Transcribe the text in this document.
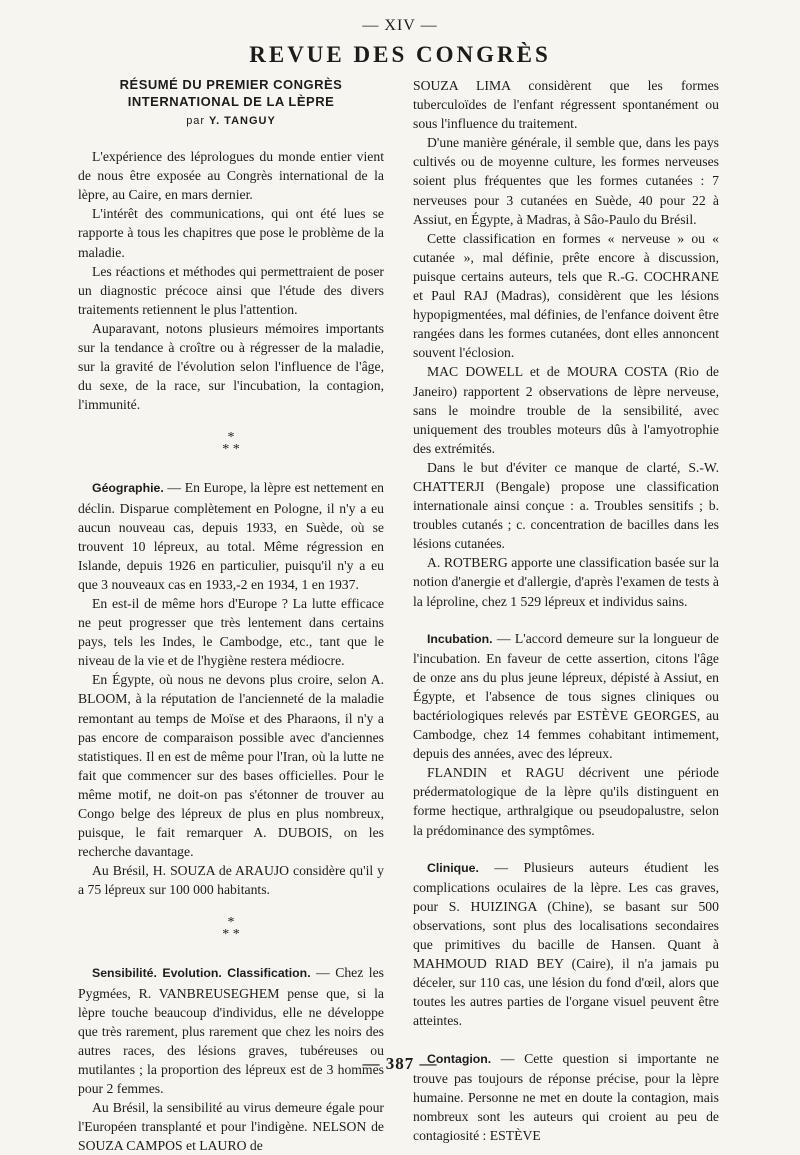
— XIV —
REVUE DES CONGRÈS
RÉSUMÉ DU PREMIER CONGRÈS
INTERNATIONAL DE LA LÈPRE
par Y. TANGUY

L'expérience des léprologues du monde entier vient de nous être exposée au Congrès international de la lèpre, au Caire, en mars dernier.

L'intérêt des communications, qui ont été lues se rapporte à tous les chapitres que pose le problème de la maladie.

Les réactions et méthodes qui permettraient de poser un diagnostic précoce ainsi que l'étude des divers traitements retiennent le plus l'attention.

Auparavant, notons plusieurs mémoires importants sur la tendance à croître ou à régresser de la maladie, sur la gravité de l'évolution selon l'influence de l'âge, du sexe, de la race, sur l'incubation, la contagion, l'immunité.

*
* *

Géographie. — En Europe, la lèpre est nettement en déclin. Disparue complètement en Pologne, il n'y a eu aucun nouveau cas, depuis 1933, en Suède, où se trouvent 10 lépreux, au total. Même régression en Islande, depuis 1926 en particulier, puisqu'il n'y a eu que 3 nouveaux cas en 1933,-2 en 1934, 1 en 1937.

En est-il de même hors d'Europe ? La lutte efficace ne peut progresser que très lentement dans certains pays, tels les Indes, le Cambodge, etc., tant que le niveau de la vie et de l'hygiène restera médiocre.

En Égypte, où nous ne devons plus croire, selon A. BLOOM, à la réputation de l'ancienneté de la maladie remontant au temps de Moïse et des Pharaons, il n'y a pas encore de comparaison possible avec d'anciennes statistiques. Il en est de même pour l'Iran, où la lutte ne fait que commencer sur des bases officielles. Pour le même motif, ne doit-on pas s'étonner de trouver au Congo belge des lépreux de plus en plus nombreux, puisque, le fait remarquer A. DUBOIS, on les recherche davantage.

Au Brésil, H. SOUZA de ARAUJO considère qu'il y a 75 lépreux sur 100 000 habitants.

*
* *

Sensibilité. Evolution. Classification. — Chez les Pygmées, R. VANBREUSEGHEM pense que, si la lèpre touche beaucoup d'individus, elle ne développe que très rarement, plus rarement que chez les noirs des autres races, des lésions graves, tubéreuses ou mutilantes ; la proportion des lépreux est de 3 hommes pour 2 femmes.

Au Brésil, la sensibilité au virus demeure égale pour l'Européen transplanté et pour l'indigène. NELSON de SOUZA CAMPOS et LAURO de

SOUZA LIMA considèrent que les formes tuberculoïdes de l'enfant régressent spontanément ou sous l'influence du traitement.

D'une manière générale, il semble que, dans les pays cultivés ou de moyenne culture, les formes nerveuses soient plus fréquentes que les formes cutanées : 7 nerveuses pour 3 cutanées en Suède, 40 pour 22 à Assiut, en Égypte, à Madras, à Sâo-Paulo du Brésil.

Cette classification en formes « nerveuse » ou « cutanée », mal définie, prête encore à discussion, puisque certains auteurs, tels que R.-G. COCHRANE et Paul RAJ (Madras), considèrent que les lésions hypopigmentées, mal définies, de l'enfance doivent être rangées dans les formes cutanées, dont elles annoncent souvent l'éclosion.

MAC DOWELL et de MOURA COSTA (Rio de Janeiro) rapportent 2 observations de lèpre nerveuse, sans le moindre trouble de la sensibilité, avec uniquement des troubles moteurs dûs à l'amyotrophie des extrémités.

Dans le but d'éviter ce manque de clarté, S.-W. CHATTERJI (Bengale) propose une classification internationale ainsi conçue : a. Troubles sensitifs ; b. troubles cutanés ; c. concentration de bacilles dans les lésions cutanées.

A. ROTBERG apporte une classification basée sur la notion d'anergie et d'allergie, d'après l'examen de tests à la léproline, chez 1 529 lépreux et individus sains.

Incubation. — L'accord demeure sur la longueur de l'incubation. En faveur de cette assertion, citons l'âge de onze ans du plus jeune lépreux, dépisté à Assiut, en Égypte, et l'absence de tous signes cliniques ou bactériologiques relevés par ESTÈVE GEORGES, au Cambodge, chez 14 femmes cohabitant intimement, depuis des années, avec des lépreux.

FLANDIN et RAGU décrivent une période prédermatologique de la lèpre qu'ils distinguent en forme hectique, arthralgique ou pseudopalustre, selon la prédominance des symptômes.

Clinique. — Plusieurs auteurs étudient les complications oculaires de la lèpre. Les cas graves, pour S. HUIZINGA (Chine), se basant sur 500 observations, sont plus des localisations secondaires que primitives du bacille de Hansen. Quant à MAHMOUD RIAD BEY (Caire), il n'a jamais pu déceler, sur 110 cas, une lésion du fond d'œil, alors que toutes les autres parties de l'organe visuel peuvent être atteintes.

Contagion. — Cette question si importante ne trouve pas toujours de réponse précise, pour la lèpre humaine. Personne ne met en doute la contagion, mais nombreux sont les auteurs qui croient au peu de contagiosité : ESTÈVE

— 387 —
